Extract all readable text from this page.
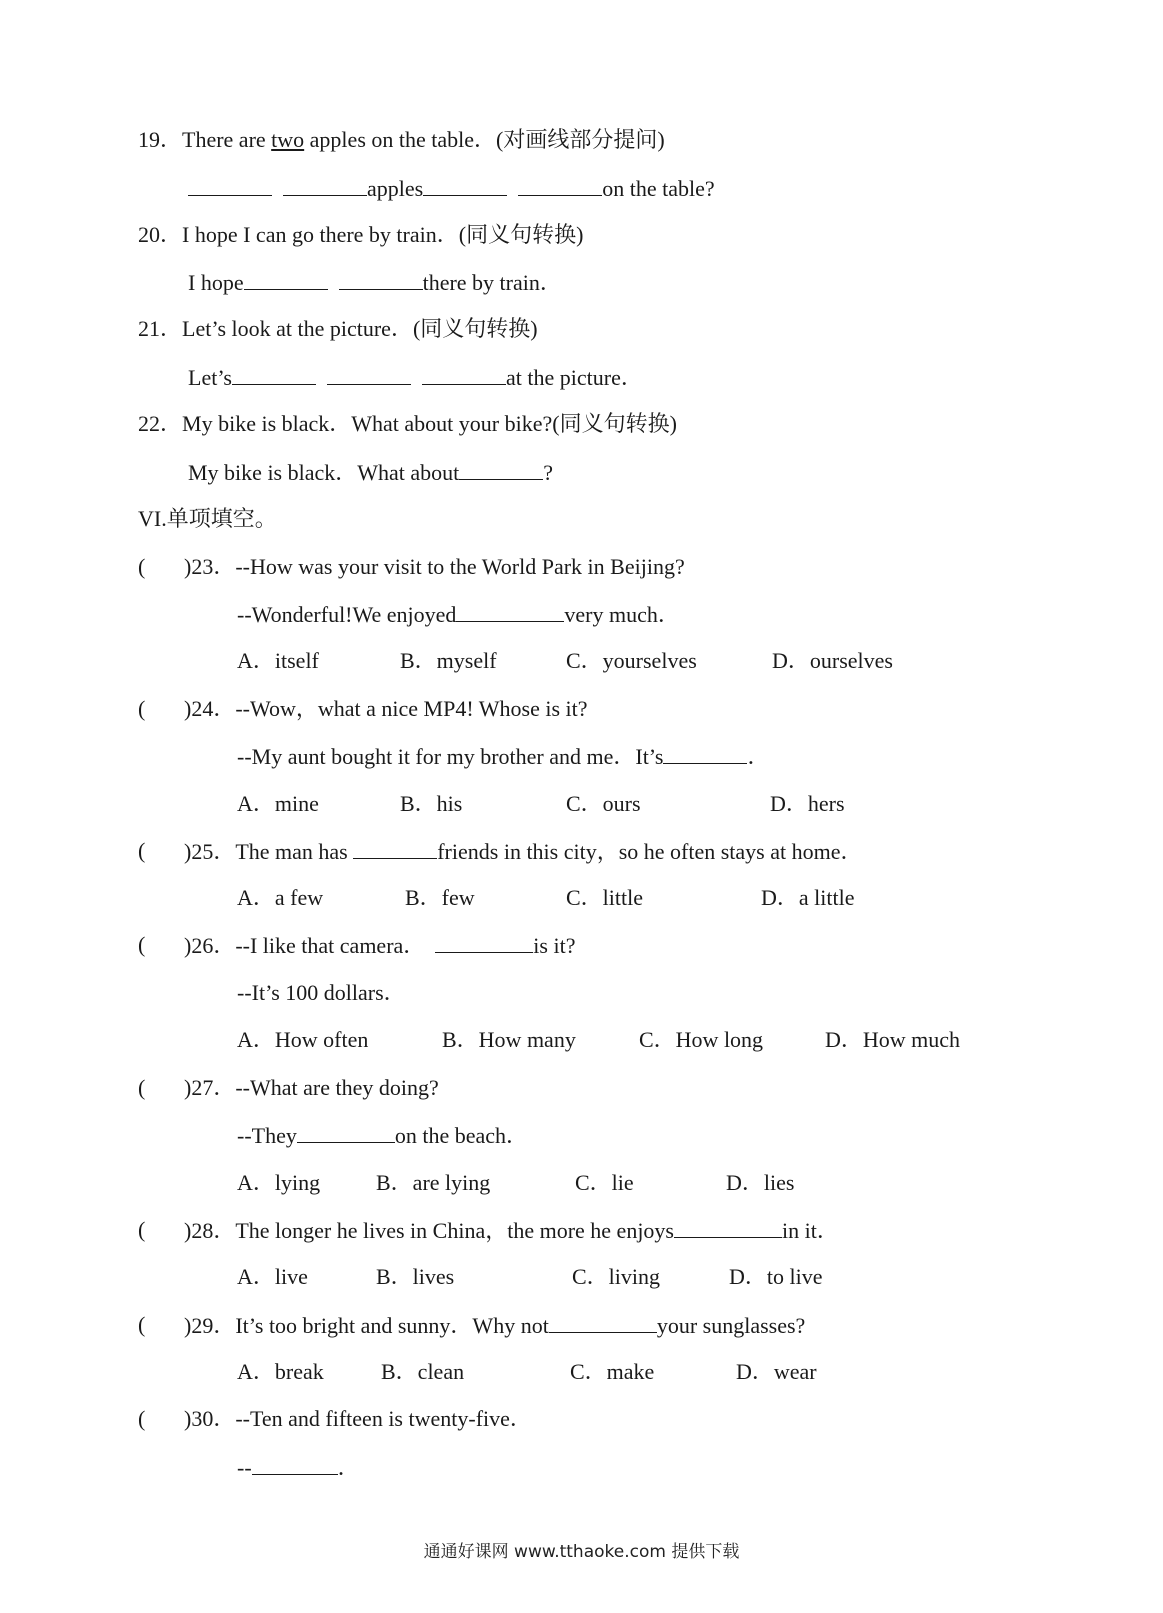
19．There are two apples on the table．(对画线部分提问)
apples	on the table?
20．I hope I can go there by train．(同义句转换)
I hope	there by train．
21．Let’s look at the picture．(同义句转换)
Let’s	at the picture．
22．My bike is black．What about your bike?(同义句转换)
My bike is black．What about	?
VI.单项填空。
( )23．--How was your visit to the World Park in Beijing?
--Wonderful!We enjoyed	very much．
A．itself	B．myself	C．yourselves	D．ourselves
( )24．--Wow，what a nice MP4! Whose is it?
--My aunt bought it for my brother and me．It’s	．
A．mine	B．his	C．ours	D．hers
( )25．The man has	friends in this city，so he often stays at home．
A．a few	B．few	C．little	D．a little
( )26．--I like that camera．	is it?
--It’s 100 dollars．
A．How often	B．How many	C．How long	D．How much
( )27．--What are they doing?
--They	on the beach．
A．lying	B．are lying	C．lie	D．lies
( )28．The longer he lives in China，the more he enjoys	in it．
A．live	B．lives	C．living	D．to live
( )29．It’s too bright and sunny．Why not	your sunglasses?
A．break	B．clean	C．make	D．wear
( )30．--Ten and fifteen is twenty-five．
--	．
通通好课网 www.tthaoke.com 提供下载
